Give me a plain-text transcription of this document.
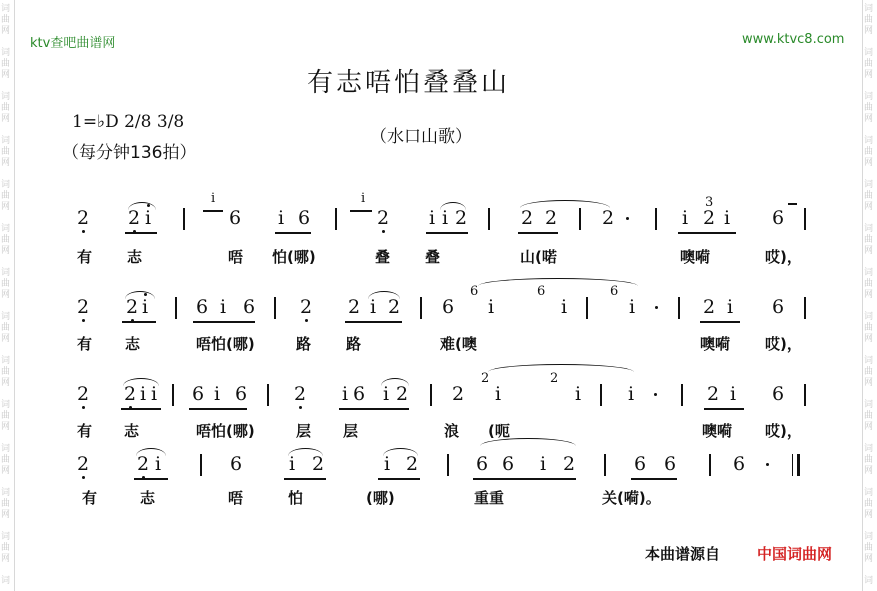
词
曲
网
词
曲
网
词
曲
网
词
曲
网
词
曲
网
词
曲
网
词
曲
网
词
曲
网
词
曲
网
词
曲
网
词
曲
网
词
曲
网
词
曲
网
词
词
曲
网
词
曲
网
词
曲
网
词
曲
网
词
曲
网
词
曲
网
词
曲
网
词
曲
网
词
曲
网
词
曲
网
词
曲
网
词
曲
网
词
曲
网
词
ktv查吧曲谱网	www.ktvc8.com
有志唔怕叠叠山
1=♭D 2/8 3/8
（每分钟136拍）
（水口山歌）
2 2 i
i
6 i 6
i
2 i i 2	2 2 2
3
i 2 i 6
有 志	唔 怕(哪)	叠 叠	山(喏	噢嗬	哎)，
2 2 i	6 i 6 2 2 i 2 6
6
i
6
i
6
i	2 i 6
有 志	唔怕(哪)	路 路	难(噢	噢嗬 哎)，
2 2 i i 6 i 6 2 i 6 i 2 2
2
i
2
i i	2 i 6
有 志	唔怕(哪)	层 层	浪 (呃	噢嗬 哎)，
2	2 i	6 i 2	i 2	6 6 i 2	6 6	6
有	志	唔	怕	(哪)	重重	关(嗬)。
本曲谱源自 中国词曲网
